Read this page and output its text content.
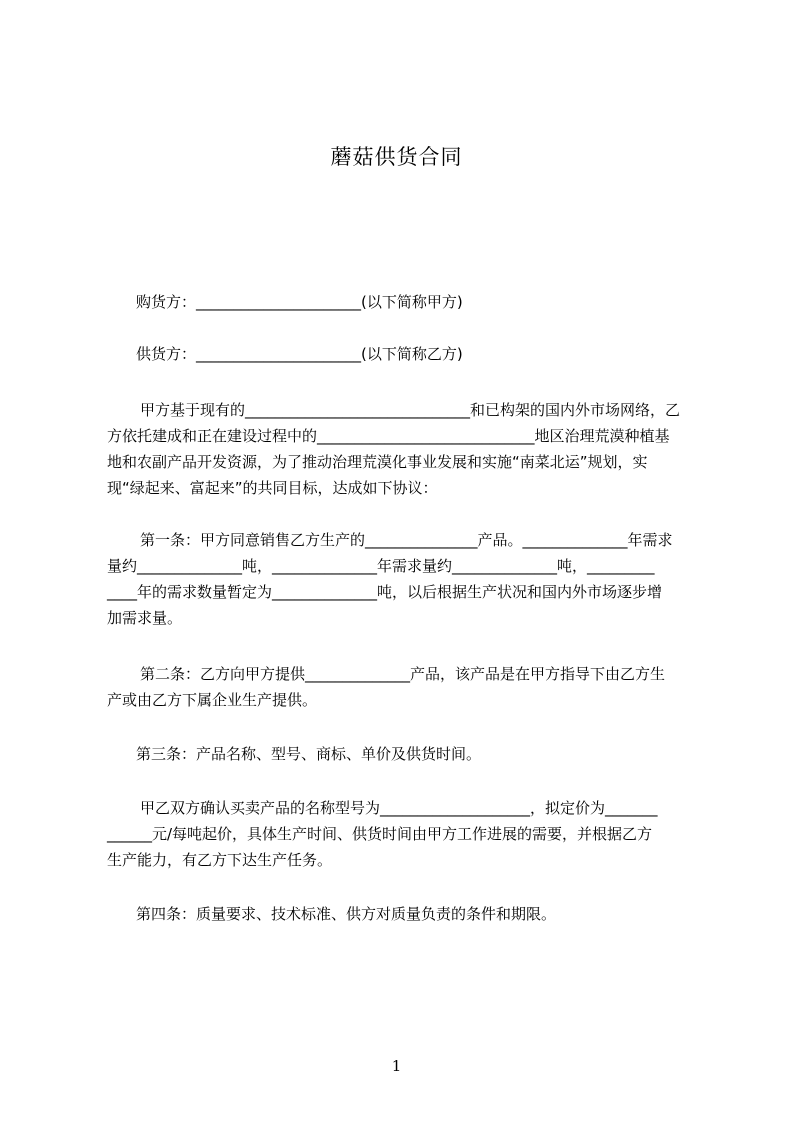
蘑菇供货合同
购货方：______________________(以下简称甲方)
供货方：______________________(以下简称乙方)
甲方基于现有的______________________________和已构架的国内外市场网络，乙
方依托建成和正在建设过程中的_____________________________地区治理荒漠种植基
地和农副产品开发资源，为了推动治理荒漠化事业发展和实施“南菜北运”规划，实
现“绿起来、富起来”的共同目标，达成如下协议：
第一条：甲方同意销售乙方生产的_______________产品。______________年需求
量约______________吨，______________年需求量约______________吨，_________
____年的需求数量暂定为______________吨，以后根据生产状况和国内外市场逐步增
加需求量。
第二条：乙方向甲方提供______________产品，该产品是在甲方指导下由乙方生
产或由乙方下属企业生产提供。
第三条：产品名称、型号、商标、单价及供货时间。
甲乙双方确认买卖产品的名称型号为____________________，拟定价为_______
______元/每吨起价，具体生产时间、供货时间由甲方工作进展的需要，并根据乙方
生产能力，有乙方下达生产任务。
第四条：质量要求、技术标准、供方对质量负责的条件和期限。
1
